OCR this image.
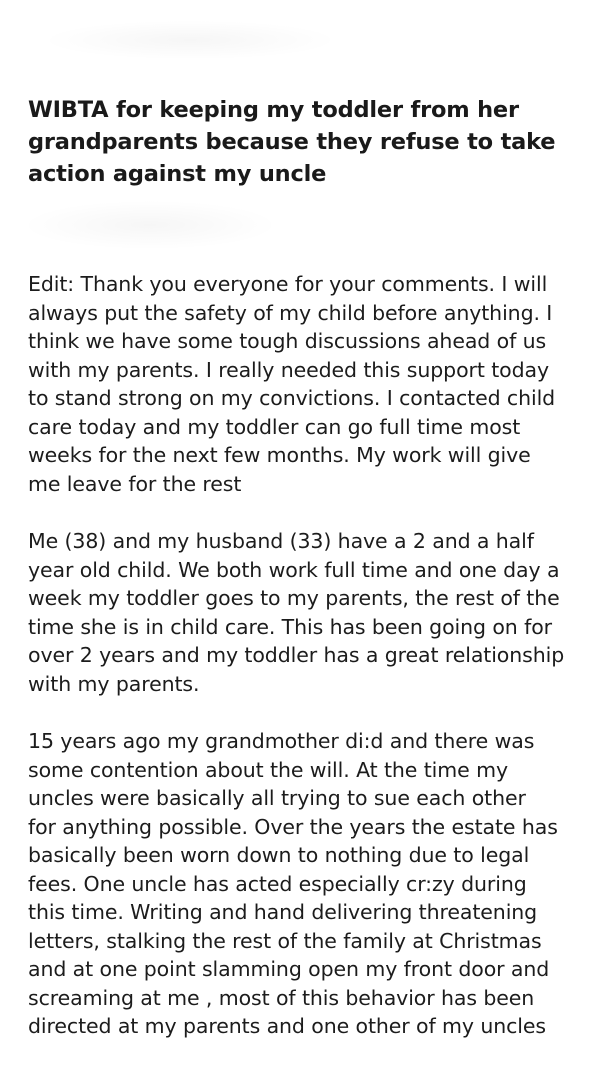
WIBTA for keeping my toddler from her
grandparents because they refuse to take
action against my uncle

Edit: Thank you everyone for your comments. I will
always put the safety of my child before anything. I
think we have some tough discussions ahead of us
with my parents. I really needed this support today
to stand strong on my convictions. I contacted child
care today and my toddler can go full time most
weeks for the next few months. My work will give
me leave for the rest

Me (38) and my husband (33) have a 2 and a half
year old child. We both work full time and one day a
week my toddler goes to my parents, the rest of the
time she is in child care. This has been going on for
over 2 years and my toddler has a great relationship
with my parents.

15 years ago my grandmother di:d and there was
some contention about the will. At the time my
uncles were basically all trying to sue each other
for anything possible. Over the years the estate has
basically been worn down to nothing due to legal
fees. One uncle has acted especially cr:zy during
this time. Writing and hand delivering threatening
letters, stalking the rest of the family at Christmas
and at one point slamming open my front door and
screaming at me , most of this behavior has been
directed at my parents and one other of my uncles
